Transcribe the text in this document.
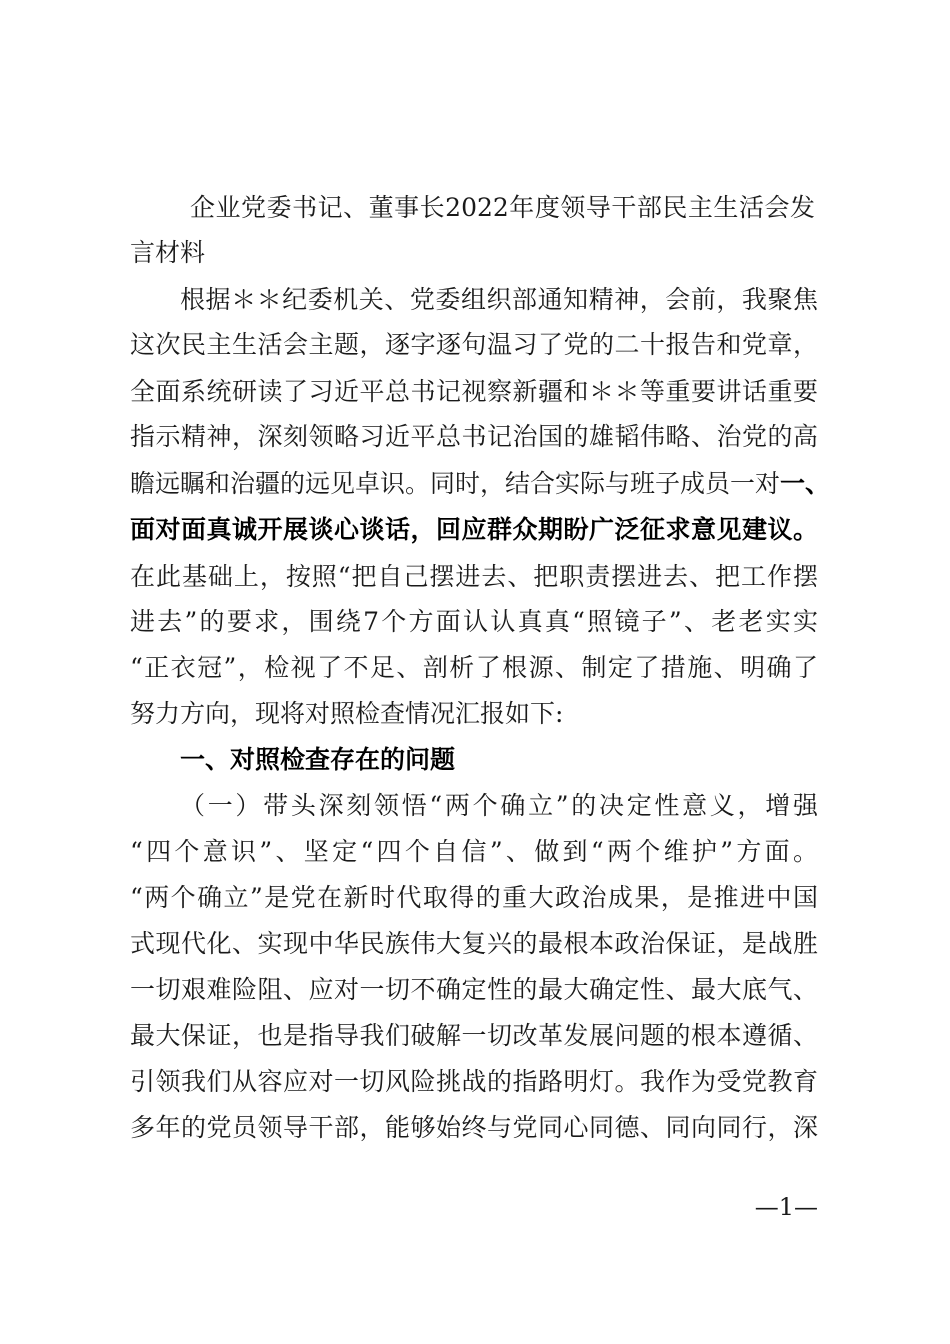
企业党委书记、董事长2022年度领导干部民主生活会发
言材料
根据＊＊纪委机关、党委组织部通知精神，会前，我聚焦
这次民主生活会主题，逐字逐句温习了党的二十报告和党章，
全面系统研读了习近平总书记视察新疆和＊＊等重要讲话重要
指示精神，深刻领略习近平总书记治国的雄韬伟略、治党的高
瞻远瞩和治疆的远见卓识。同时，结合实际与班子成员一对一、
面对面真诚开展谈心谈话，回应群众期盼广泛征求意见建议。
在此基础上，按照“把自己摆进去、把职责摆进去、把工作摆
进去”的要求，围绕7个方面认认真真“照镜子”、老老实实
“正衣冠”，检视了不足、剖析了根源、制定了措施、明确了
努力方向，现将对照检查情况汇报如下:
一、对照检查存在的问题
（一）带头深刻领悟“两个确立”的决定性意义，增强
“四个意识”、坚定“四个自信”、做到“两个维护”方面。
“两个确立”是党在新时代取得的重大政治成果，是推进中国
式现代化、实现中华民族伟大复兴的最根本政治保证，是战胜
一切艰难险阻、应对一切不确定性的最大确定性、最大底气、
最大保证，也是指导我们破解一切改革发展问题的根本遵循、
引领我们从容应对一切风险挑战的指路明灯。我作为受党教育
多年的党员领导干部，能够始终与党同心同德、同向同行，深
—1—
